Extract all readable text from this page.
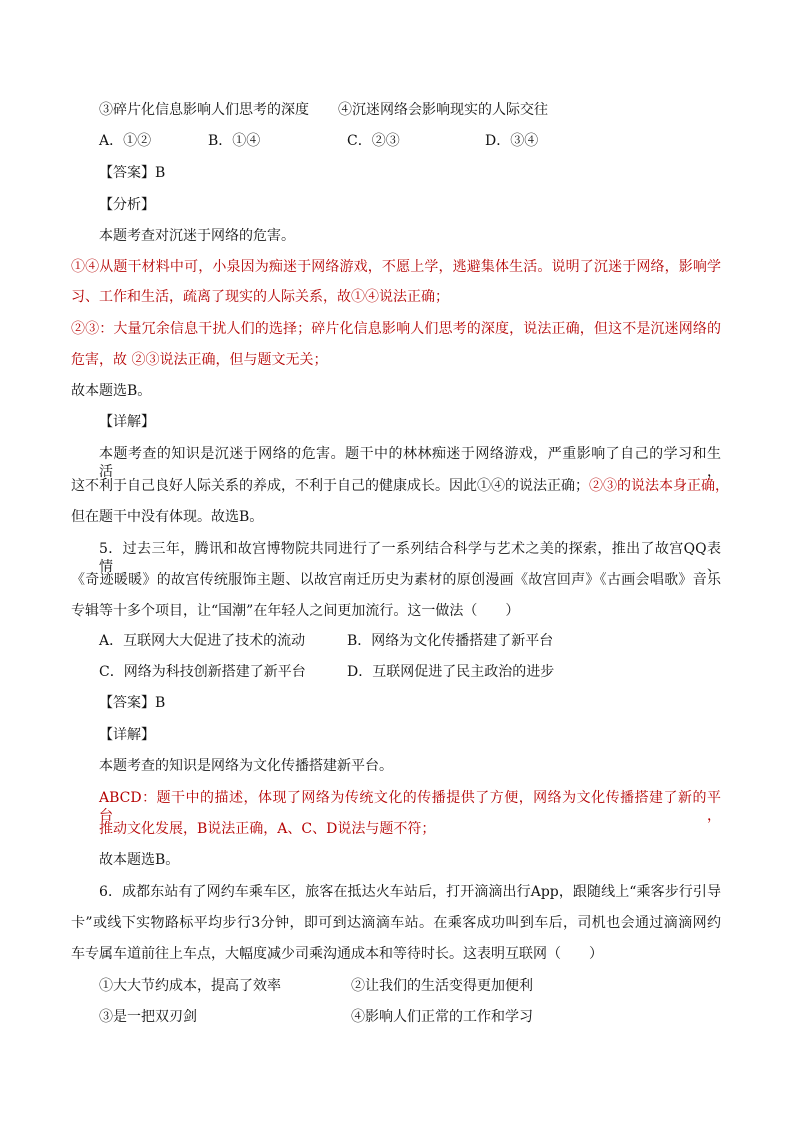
③碎片化信息影响人们思考的深度 ④沉迷网络会影响现实的人际交往
A．①②	B．①④	C．②③	D．③④
【答案】B
【分析】
本题考查对沉迷于网络的危害。
①④从题干材料中可，小泉因为痴迷于网络游戏，不愿上学，逃避集体生活。说明了沉迷于网络，影响学
习、工作和生活，疏离了现实的人际关系，故①④说法正确；
②③：大量冗余信息干扰人们的选择；碎片化信息影响人们思考的深度，说法正确，但这不是沉迷网络的
危害，故 ②③说法正确，但与题文无关；
故本题选B。
【详解】
本题考查的知识是沉迷于网络的危害。题干中的林林痴迷于网络游戏，严重影响了自己的学习和生活，
这不利于自己良好人际关系的养成，不利于自己的健康成长。因此①④的说法正确；②③的说法本身正确，
但在题干中没有体现。故选B。
5．过去三年，腾讯和故宫博物院共同进行了一系列结合科学与艺术之美的探索，推出了故宫QQ表情、
《奇迹暖暖》的故宫传统服饰主题、以故宫南迁历史为素材的原创漫画《故宫回声》《古画会唱歌》音乐
专辑等十多个项目，让“国潮”在年轻人之间更加流行。这一做法（　　）
A．互联网大大促进了技术的流动	B．网络为文化传播搭建了新平台
C．网络为科技创新搭建了新平台	D．互联网促进了民主政治的进步
【答案】B
【详解】
本题考查的知识是网络为文化传播搭建新平台。
ABCD：题干中的描述，体现了网络为传统文化的传播提供了方便，网络为文化传播搭建了新的平台，
推动文化发展，B说法正确，A、C、D说法与题不符；
故本题选B。
6．成都东站有了网约车乘车区，旅客在抵达火车站后，打开滴滴出行App，跟随线上“乘客步行引导
卡”或线下实物路标平均步行3分钟，即可到达滴滴车站。在乘客成功叫到车后，司机也会通过滴滴网约
车专属车道前往上车点，大幅度减少司乘沟通成本和等待时长。这表明互联网（　　）
①大大节约成本，提高了效率	②让我们的生活变得更加便利
③是一把双刃剑	④影响人们正常的工作和学习
